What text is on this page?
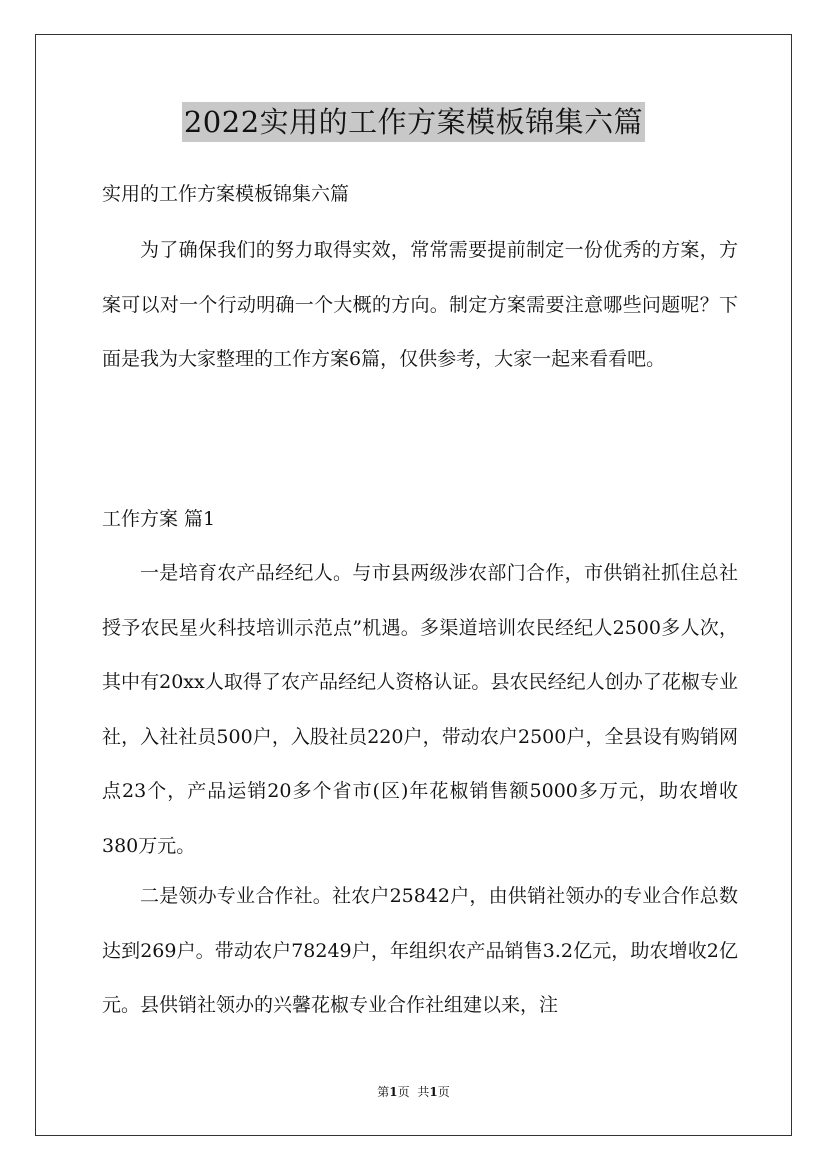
2022实用的工作方案模板锦集六篇
实用的工作方案模板锦集六篇

为了确保我们的努力取得实效，常常需要提前制定一份优秀的方案，方案可以对一个行动明确一个大概的方向。制定方案需要注意哪些问题呢？下面是我为大家整理的工作方案6篇，仅供参考，大家一起来看看吧。

工作方案 篇1

一是培育农产品经纪人。与市县两级涉农部门合作，市供销社抓住总社授予农民星火科技培训示范点”机遇。多渠道培训农民经纪人2500多人次，其中有20xx人取得了农产品经纪人资格认证。县农民经纪人创办了花椒专业社，入社社员500户，入股社员220户，带动农户2500户，全县设有购销网点23个，产品运销20多个省市(区)年花椒销售额5000多万元，助农增收380万元。

二是领办专业合作社。社农户25842户，由供销社领办的专业合作总数达到269户。带动农户78249户，年组织农产品销售3.2亿元，助农增收2亿元。县供销社领办的兴馨花椒专业合作社组建以来，注

第1页 共1页
